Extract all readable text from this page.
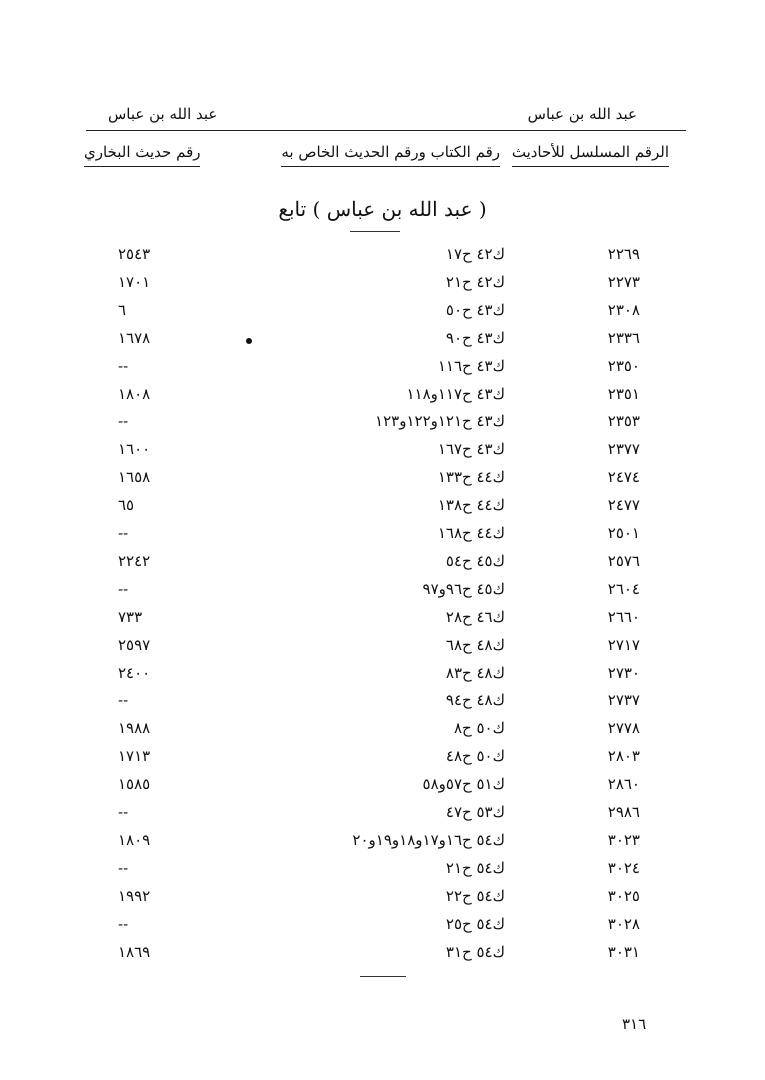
عبد الله بن عباس
عبد الله بن عباس
الرقم المسلسل للأحاديث
رقم الكتاب ورقم الحديث الخاص به
رقم حديث البخاري
( عبد الله بن عباس ) تابع
٢٢٦٩
ك٤٢ ح١٧
٢٥٤٣
٢٢٧٣
ك٤٢ ح٢١
١٧٠١
٢٣٠٨
ك٤٣ ح٥٠
٦
٢٣٣٦
ك٤٣ ح٩٠
١٦٧٨
٢٣٥٠
ك٤٣ ح١١٦
--
٢٣٥١
ك٤٣ ح١١٧و١١٨
١٨٠٨
٢٣٥٣
ك٤٣ ح١٢١و١٢٢و١٢٣
--
٢٣٧٧
ك٤٣ ح١٦٧
١٦٠٠
٢٤٧٤
ك٤٤ ح١٣٣
١٦٥٨
٢٤٧٧
ك٤٤ ح١٣٨
٦٥
٢٥٠١
ك٤٤ ح١٦٨
--
٢٥٧٦
ك٤٥ ح٥٤
٢٢٤٢
٢٦٠٤
ك٤٥ ح٩٦و٩٧
--
٢٦٦٠
ك٤٦ ح٢٨
٧٣٣
٢٧١٧
ك٤٨ ح٦٨
٢٥٩٧
٢٧٣٠
ك٤٨ ح٨٣
٢٤٠٠
٢٧٣٧
ك٤٨ ح٩٤
--
٢٧٧٨
ك٥٠ ح٨
١٩٨٨
٢٨٠٣
ك٥٠ ح٤٨
١٧١٣
٢٨٦٠
ك٥١ ح٥٧و٥٨
١٥٨٥
٢٩٨٦
ك٥٣ ح٤٧
--
٣٠٢٣
ك٥٤ ح١٦و١٧و١٨و١٩و٢٠
١٨٠٩
٣٠٢٤
ك٥٤ ح٢١
--
٣٠٢٥
ك٥٤ ح٢٢
١٩٩٢
٣٠٢٨
ك٥٤ ح٢٥
--
٣٠٣١
ك٥٤ ح٣١
١٨٦٩
٣١٦
